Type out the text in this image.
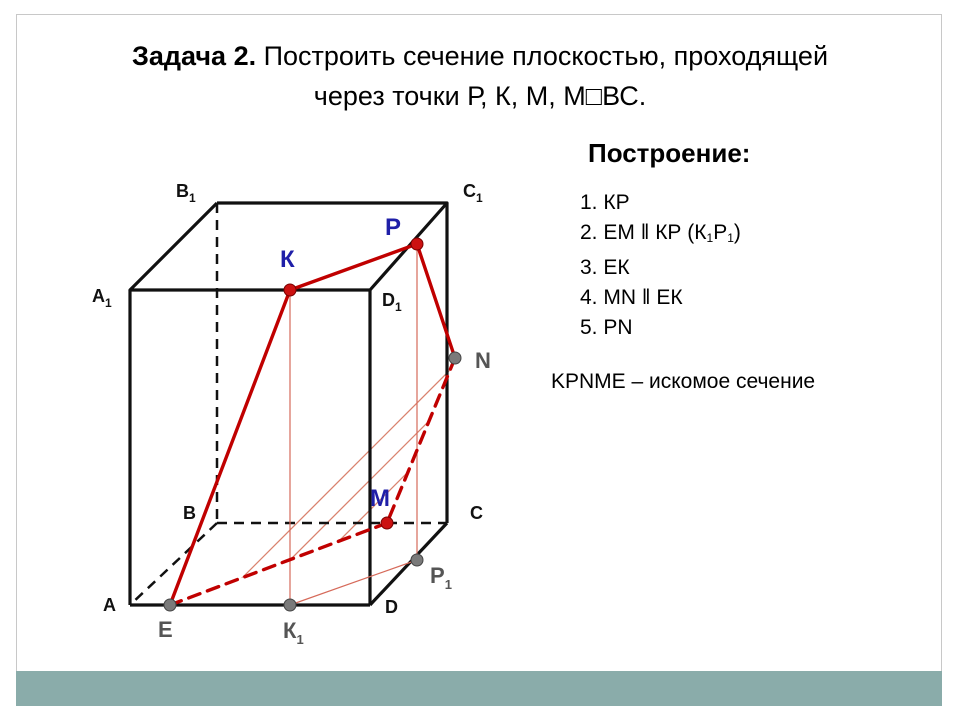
Задача 2. Построить сечение плоскостью, проходящей
через точки Р, К, М, М□ВС.
Построение:
1. КР
2. ЕМ ‖ КР $(К_1Р_1)$
3. ЕК
4. MN ‖ ЕК
5. PN
KPNME – искомое сечение
А
В	С
D
$А_1$
$В_1$	$С_1$
$D_1$
К
Р
М
N
Е	$К_1$
$Р_1$
